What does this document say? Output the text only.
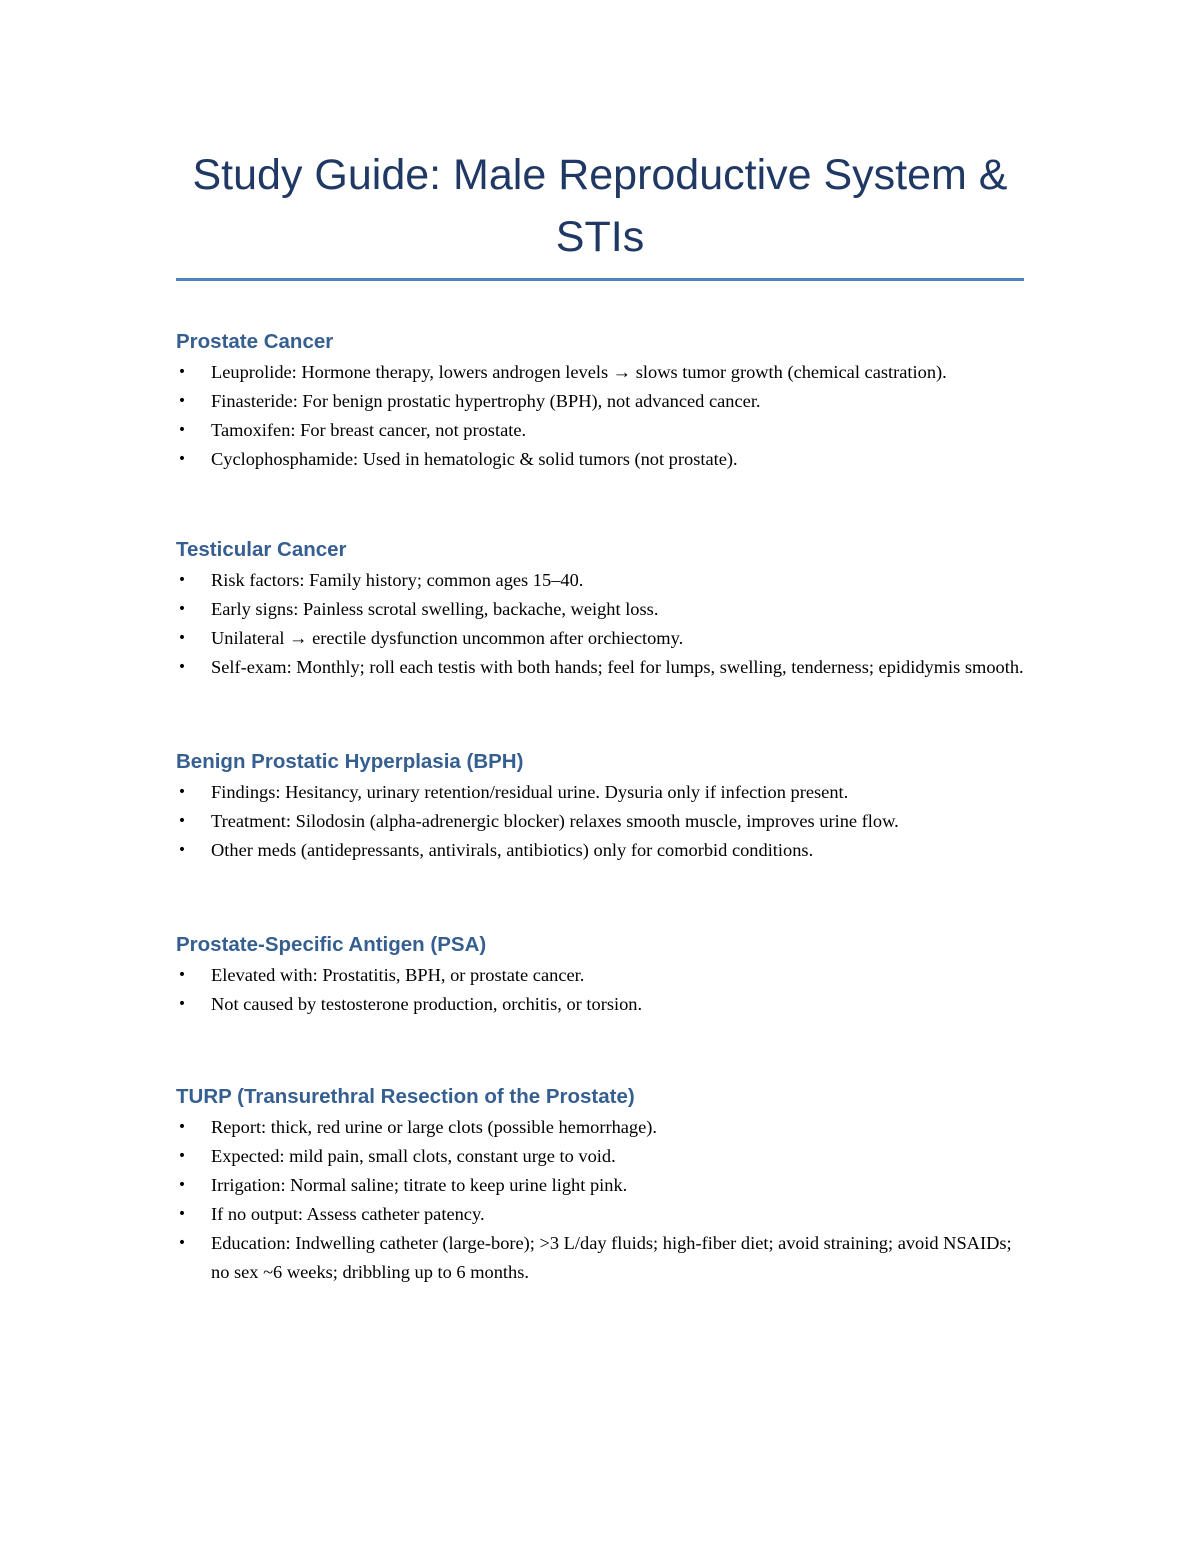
Study Guide: Male Reproductive System & STIs
Prostate Cancer
• Leuprolide: Hormone therapy, lowers androgen levels → slows tumor growth (chemical castration).
• Finasteride: For benign prostatic hypertrophy (BPH), not advanced cancer.
• Tamoxifen: For breast cancer, not prostate.
• Cyclophosphamide: Used in hematologic & solid tumors (not prostate).
Testicular Cancer
• Risk factors: Family history; common ages 15–40.
• Early signs: Painless scrotal swelling, backache, weight loss.
• Unilateral → erectile dysfunction uncommon after orchiectomy.
• Self-exam: Monthly; roll each testis with both hands; feel for lumps, swelling, tenderness; epididymis smooth.
Benign Prostatic Hyperplasia (BPH)
• Findings: Hesitancy, urinary retention/residual urine. Dysuria only if infection present.
• Treatment: Silodosin (alpha-adrenergic blocker) relaxes smooth muscle, improves urine flow.
• Other meds (antidepressants, antivirals, antibiotics) only for comorbid conditions.
Prostate-Specific Antigen (PSA)
• Elevated with: Prostatitis, BPH, or prostate cancer.
• Not caused by testosterone production, orchitis, or torsion.
TURP (Transurethral Resection of the Prostate)
• Report: thick, red urine or large clots (possible hemorrhage).
• Expected: mild pain, small clots, constant urge to void.
• Irrigation: Normal saline; titrate to keep urine light pink.
• If no output: Assess catheter patency.
• Education: Indwelling catheter (large-bore); >3 L/day fluids; high-fiber diet; avoid straining; avoid NSAIDs; no sex ~6 weeks; dribbling up to 6 months.
